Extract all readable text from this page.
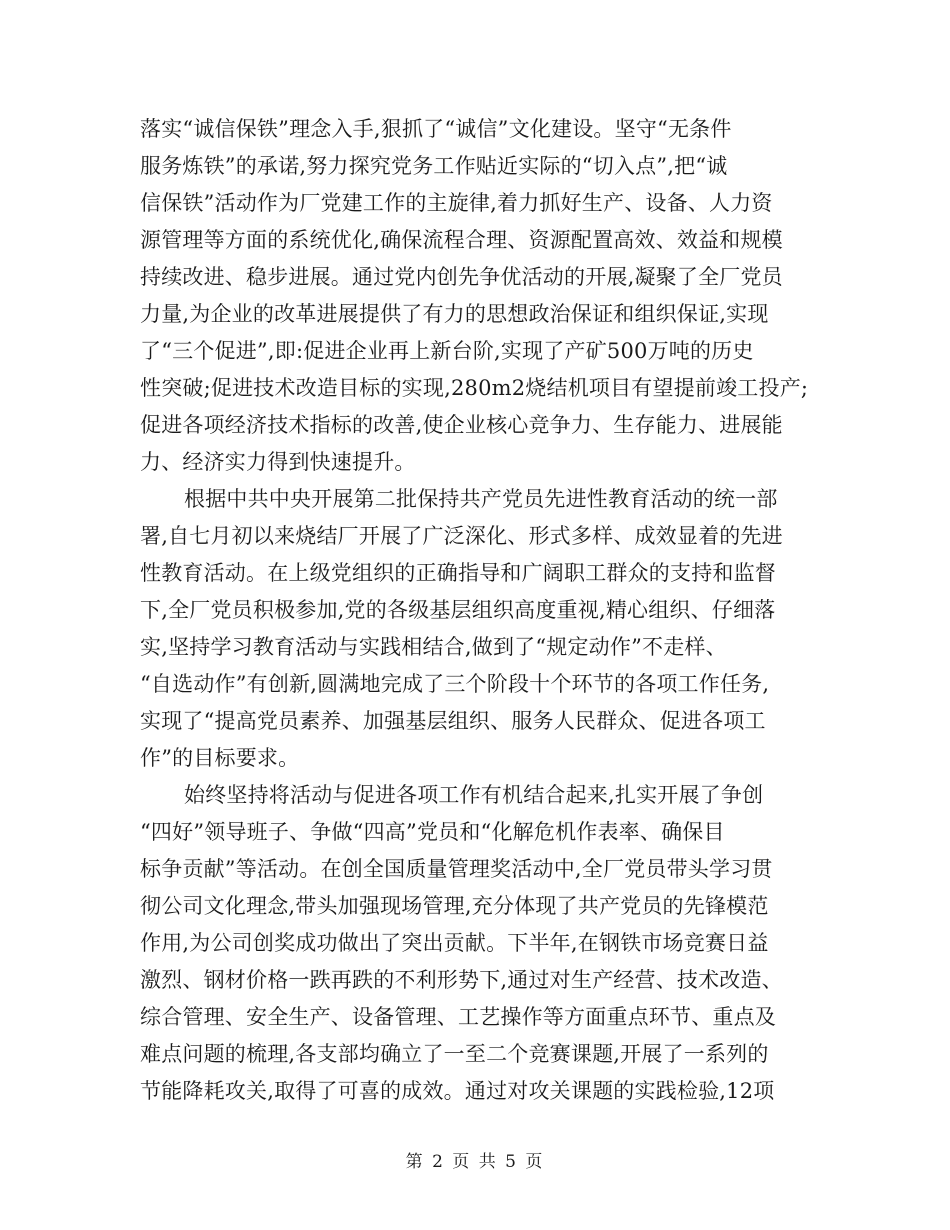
落实“诚信保铁”理念入手,狠抓了“诚信”文化建设。坚守“无条件
服务炼铁”的承诺,努力探究党务工作贴近实际的“切入点”,把“诚
信保铁”活动作为厂党建工作的主旋律,着力抓好生产、设备、人力资
源管理等方面的系统优化,确保流程合理、资源配置高效、效益和规模
持续改进、稳步进展。通过党内创先争优活动的开展,凝聚了全厂党员
力量,为企业的改革进展提供了有力的思想政治保证和组织保证,实现
了“三个促进”,即:促进企业再上新台阶,实现了产矿500万吨的历史
性突破;促进技术改造目标的实现,280m2烧结机项目有望提前竣工投产;
促进各项经济技术指标的改善,使企业核心竞争力、生存能力、进展能
力、经济实力得到快速提升。
根据中共中央开展第二批保持共产党员先进性教育活动的统一部
署,自七月初以来烧结厂开展了广泛深化、形式多样、成效显着的先进
性教育活动。在上级党组织的正确指导和广阔职工群众的支持和监督
下,全厂党员积极参加,党的各级基层组织高度重视,精心组织、仔细落
实,坚持学习教育活动与实践相结合,做到了“规定动作”不走样、
“自选动作”有创新,圆满地完成了三个阶段十个环节的各项工作任务,
实现了“提高党员素养、加强基层组织、服务人民群众、促进各项工
作”的目标要求。
始终坚持将活动与促进各项工作有机结合起来,扎实开展了争创
“四好”领导班子、争做“四高”党员和“化解危机作表率、确保目
标争贡献”等活动。在创全国质量管理奖活动中,全厂党员带头学习贯
彻公司文化理念,带头加强现场管理,充分体现了共产党员的先锋模范
作用,为公司创奖成功做出了突出贡献。下半年,在钢铁市场竞赛日益
激烈、钢材价格一跌再跌的不利形势下,通过对生产经营、技术改造、
综合管理、安全生产、设备管理、工艺操作等方面重点环节、重点及
难点问题的梳理,各支部均确立了一至二个竞赛课题,开展了一系列的
节能降耗攻关,取得了可喜的成效。通过对攻关课题的实践检验,12项
第 2 页 共 5 页
